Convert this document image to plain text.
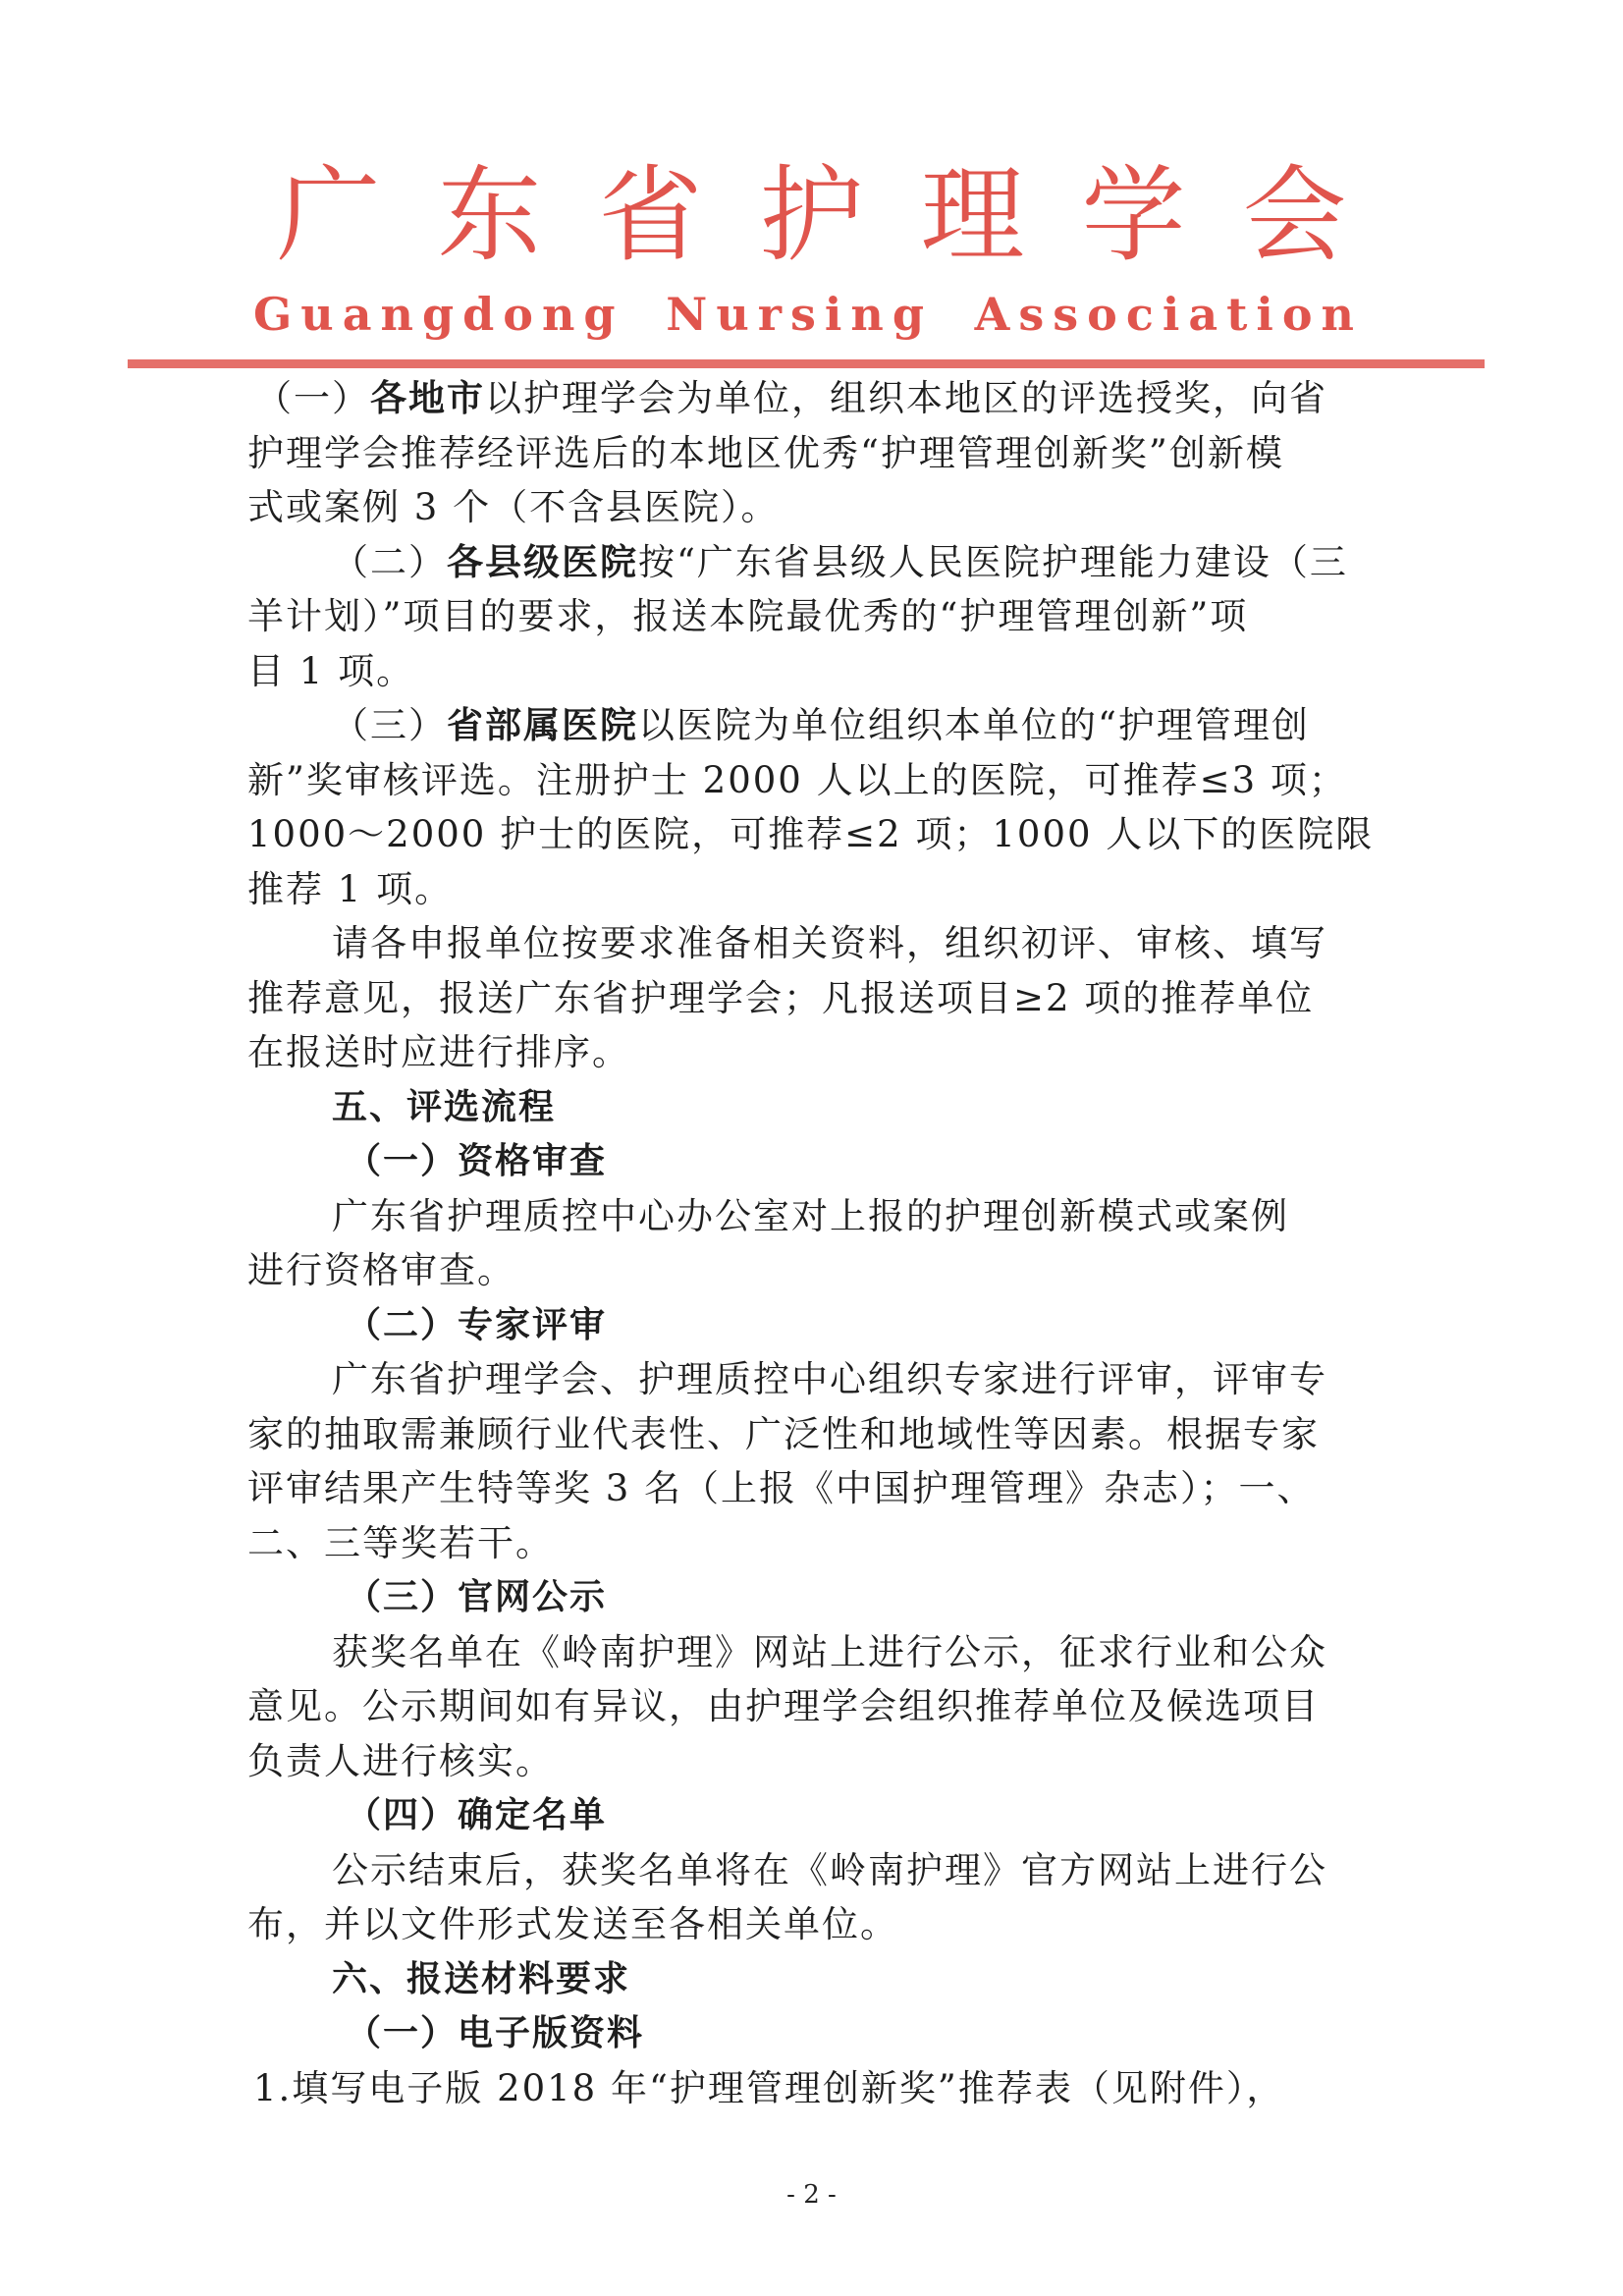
广东省护理学会
Guangdong Nursing Association
（一）各地市以护理学会为单位，组织本地区的评选授奖，向省
护理学会推荐经评选后的本地区优秀“护理管理创新奖”创新模
式或案例 3 个（不含县医院）。
（二）各县级医院按“广东省县级人民医院护理能力建设（三
羊计划）”项目的要求，报送本院最优秀的“护理管理创新”项
目 1 项。
（三）省部属医院以医院为单位组织本单位的“护理管理创
新”奖审核评选。注册护士 2000 人以上的医院，可推荐≤3 项；
1000～2000 护士的医院，可推荐≤2 项；1000 人以下的医院限
推荐 1 项。
请各申报单位按要求准备相关资料，组织初评、审核、填写
推荐意见，报送广东省护理学会；凡报送项目≥2 项的推荐单位
在报送时应进行排序。
五、评选流程
（一）资格审查
广东省护理质控中心办公室对上报的护理创新模式或案例
进行资格审查。
（二）专家评审
广东省护理学会、护理质控中心组织专家进行评审，评审专
家的抽取需兼顾行业代表性、广泛性和地域性等因素。根据专家
评审结果产生特等奖 3 名（上报《中国护理管理》杂志）；一、
二、三等奖若干。
（三）官网公示
获奖名单在《岭南护理》网站上进行公示，征求行业和公众
意见。公示期间如有异议，由护理学会组织推荐单位及候选项目
负责人进行核实。
（四）确定名单
公示结束后，获奖名单将在《岭南护理》官方网站上进行公
布，并以文件形式发送至各相关单位。
六、报送材料要求
（一）电子版资料
1.填写电子版 2018 年“护理管理创新奖”推荐表（见附件），
- 2 -
